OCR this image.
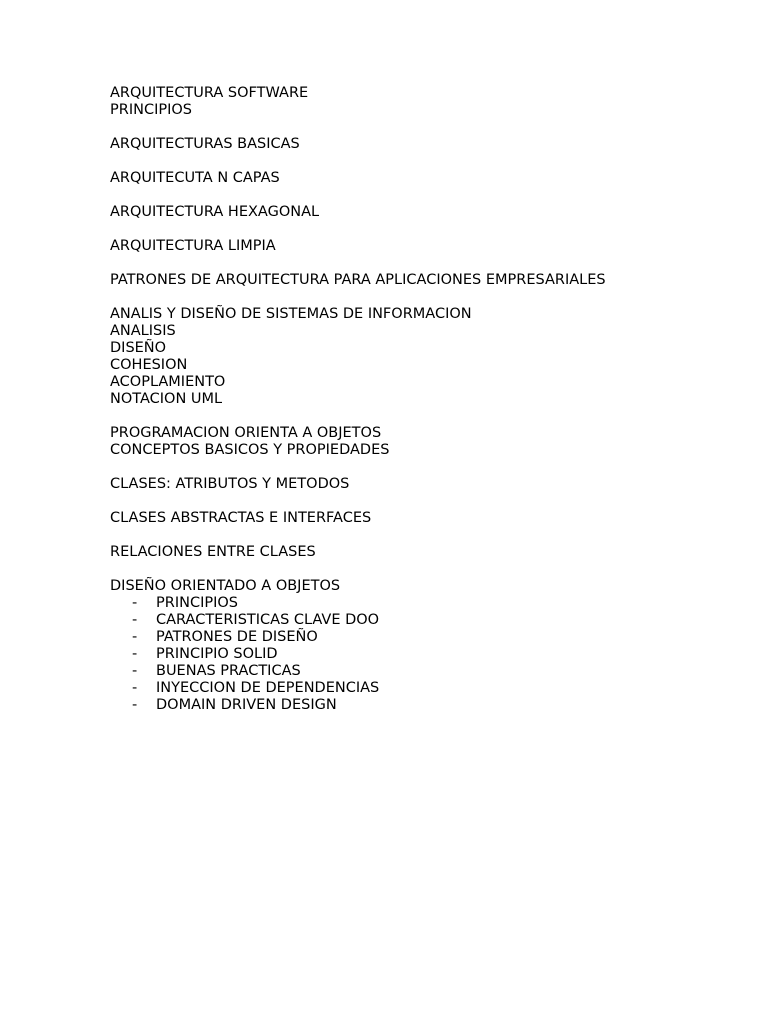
ARQUITECTURA SOFTWARE
PRINCIPIOS
ARQUITECTURAS BASICAS
ARQUITECUTA N CAPAS
ARQUITECTURA HEXAGONAL
ARQUITECTURA LIMPIA
PATRONES DE ARQUITECTURA PARA APLICACIONES EMPRESARIALES
ANALIS Y DISEÑO DE SISTEMAS DE INFORMACION
ANALISIS
DISEÑO
COHESION
ACOPLAMIENTO
NOTACION UML
PROGRAMACION ORIENTA A OBJETOS
CONCEPTOS BASICOS Y PROPIEDADES
CLASES: ATRIBUTOS Y METODOS
CLASES ABSTRACTAS E INTERFACES
RELACIONES ENTRE CLASES
DISEÑO ORIENTADO A OBJETOS
- PRINCIPIOS
- CARACTERISTICAS CLAVE DOO
- PATRONES DE DISEÑO
- PRINCIPIO SOLID
- BUENAS PRACTICAS
- INYECCION DE DEPENDENCIAS
- DOMAIN DRIVEN DESIGN
